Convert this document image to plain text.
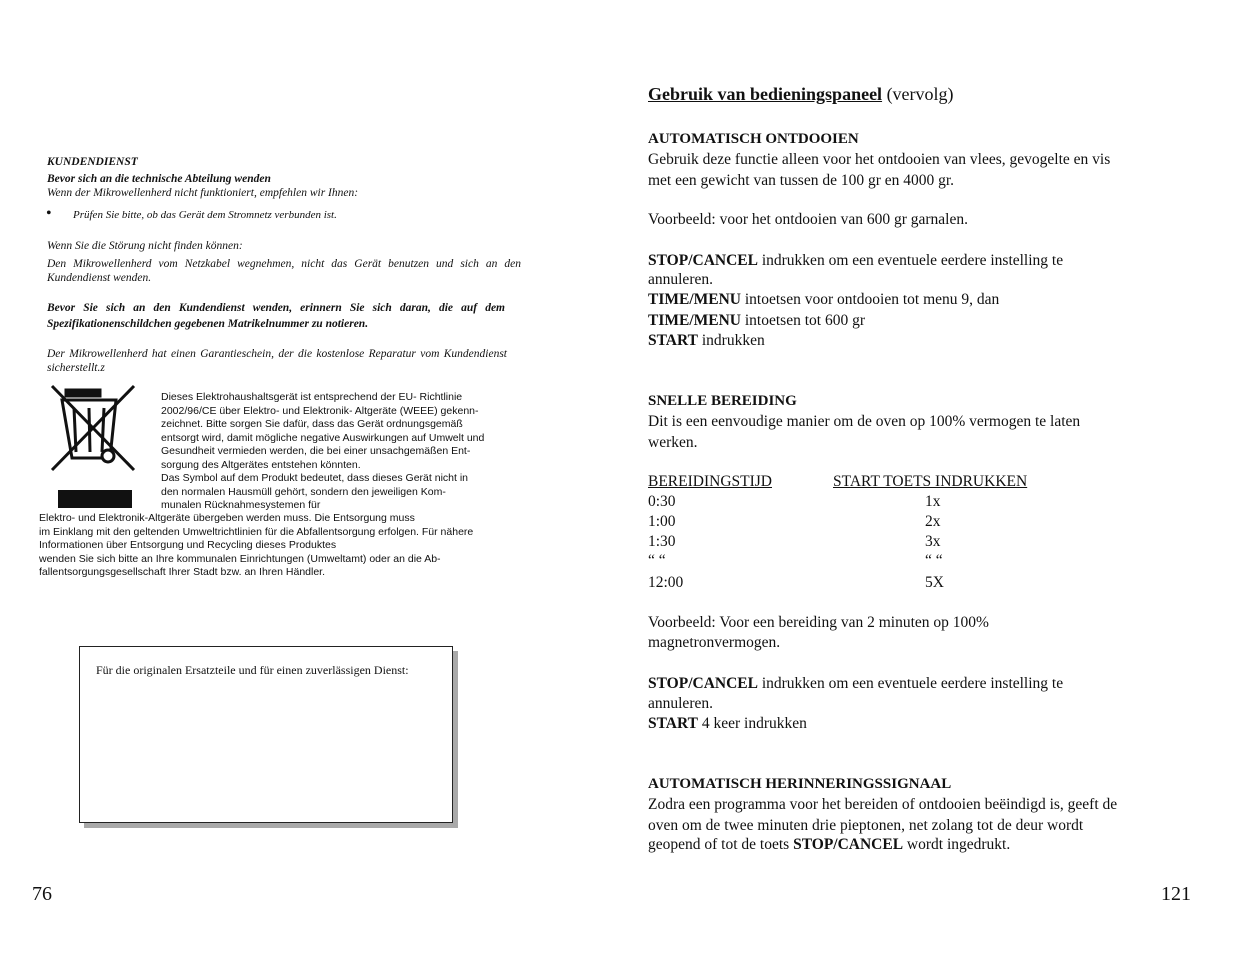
KUNDENDIENST

Bevor sich an die technische Abteilung wenden

Wenn der Mikrowellenherd nicht funktioniert, empfehlen wir Ihnen:

• Prüfen Sie bitte, ob das Gerät dem Stromnetz verbunden ist.

Wenn Sie die Störung nicht finden können:

Den Mikrowellenherd vom Netzkabel wegnehmen, nicht das Gerät benutzen und sich an den Kundendienst wenden.

Bevor Sie sich an den Kundendienst wenden, erinnern Sie sich daran, die auf dem Spezifikationenschildchen gegebenen Matrikelnummer zu notieren.

Der Mikrowellenherd hat einen Garantieschein, der die kostenlose Reparatur vom Kundendienst sicherstellt.z

Dieses Elektrohaushaltsgerät ist entsprechend der EU- Richtlinie
2002/96/CE über Elektro- und Elektronik- Altgeräte (WEEE) gekenn-
zeichnet. Bitte sorgen Sie dafür, dass das Gerät ordnungsgemäß
entsorgt wird, damit mögliche negative Auswirkungen auf Umwelt und
Gesundheit vermieden werden, die bei einer unsachgemäßen Ent-
sorgung des Altgerätes entstehen könnten.
Das Symbol auf dem Produkt bedeutet, dass dieses Gerät nicht in
den normalen Hausmüll gehört, sondern den jeweiligen Kom-
munalen Rücknahmesystemen für
Elektro- und Elektronik-Altgeräte übergeben werden muss. Die Entsorgung muss
im Einklang mit den geltenden Umweltrichtlinien für die Abfallentsorgung erfolgen. Für nähere
Informationen über Entsorgung und Recycling dieses Produktes
wenden Sie sich bitte an Ihre kommunalen Einrichtungen (Umweltamt) oder an die Ab-
fallentsorgungsgesellschaft Ihrer Stadt bzw. an Ihren Händler.
Für die originalen Ersatzteile und für einen zuverlässigen Dienst:

76

Gebruik van bedieningspaneel (vervolg)

AUTOMATISCH ONTDOOIEN

Gebruik deze functie alleen voor het ontdooien van vlees, gevogelte en vis

met een gewicht van tussen de 100 gr en 4000 gr.

Voorbeeld: voor het ontdooien van 600 gr garnalen.

STOP/CANCEL indrukken om een eventuele eerdere instelling te

annuleren.

TIME/MENU intoetsen voor ontdooien tot menu 9, dan

TIME/MENU intoetsen tot 600 gr

START indrukken

SNELLE BEREIDING

Dit is een eenvoudige manier om de oven op 100% vermogen te laten

werken.

BEREIDINGSTIJD	START TOETS INDRUKKEN
0:30	1x
1:00	2x
1:30	3x
“ “	“ “
12:00	5X

Voorbeeld: Voor een bereiding van 2 minuten op 100%

magnetronvermogen.

STOP/CANCEL indrukken om een eventuele eerdere instelling te

annuleren.

START 4 keer indrukken

AUTOMATISCH HERINNERINGSSIGNAAL

Zodra een programma voor het bereiden of ontdooien beëindigd is, geeft de

oven om de twee minuten drie pieptonen, net zolang tot de deur wordt

geopend of tot de toets STOP/CANCEL wordt ingedrukt.

121
